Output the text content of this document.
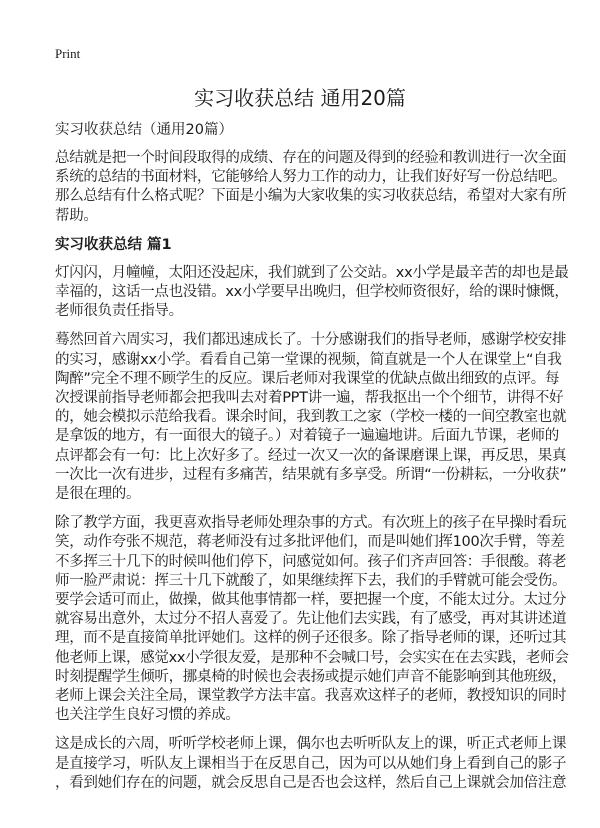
Print
实习收获总结 通用20篇
实习收获总结（通用20篇）
总结就是把一个时间段取得的成绩、存在的问题及得到的经验和教训进行一次全面
系统的总结的书面材料，它能够给人努力工作的动力，让我们好好写一份总结吧。
那么总结有什么格式呢？下面是小编为大家收集的实习收获总结，希望对大家有所
帮助。
实习收获总结 篇1
灯闪闪，月幢幢，太阳还没起床，我们就到了公交站。xx小学是最辛苦的却也是最
幸福的，这话一点也没错。xx小学要早出晚归，但学校师资很好，给的课时慷慨，
老师很负责任指导。
蓦然回首六周实习，我们都迅速成长了。十分感谢我们的指导老师，感谢学校安排
的实习，感谢xx小学。看看自己第一堂课的视频，简直就是一个人在课堂上“自我
陶醉”完全不理不顾学生的反应。课后老师对我课堂的优缺点做出细致的点评。每
次授课前指导老师都会把我叫去对着PPT讲一遍，帮我抠出一个个细节，讲得不好
的，她会模拟示范给我看。课余时间，我到教工之家（学校一楼的一间空教室也就
是拿饭的地方，有一面很大的镜子。）对着镜子一遍遍地讲。后面九节课，老师的
点评都会有一句：比上次好多了。经过一次又一次的备课磨课上课，再反思，果真
一次比一次有进步，过程有多痛苦，结果就有多享受。所谓“一份耕耘，一分收获”
是很在理的。
除了教学方面，我更喜欢指导老师处理杂事的方式。有次班上的孩子在早操时看玩
笑，动作夸张不规范，蒋老师没有过多批评他们，而是叫她们挥100次手臂，等差
不多挥三十几下的时候叫他们停下，问感觉如何。孩子们齐声回答：手很酸。蒋老
师一脸严肃说：挥三十几下就酸了，如果继续挥下去，我们的手臂就可能会受伤。
要学会适可而止，做操，做其他事情都一样，要把握一个度，不能太过分。太过分
就容易出意外，太过分不招人喜爱了。先让他们去实践，有了感受，再对其讲述道
理，而不是直接简单批评她们。这样的例子还很多。除了指导老师的课，还听过其
他老师上课，感觉xx小学很友爱，是那种不会喊口号，会实实在在去实践，老师会
时刻提醒学生倾听，挪桌椅的时候也会表扬或提示她们声音不能影响到其他班级，
老师上课会关注全局，课堂教学方法丰富。我喜欢这样子的老师，教授知识的同时
也关注学生良好习惯的养成。
这是成长的六周，听听学校老师上课，偶尔也去听听队友上的课，听正式老师上课
是直接学习，听队友上课相当于在反思自己，因为可以从她们身上看到自己的影子
，看到她们存在的问题，就会反思自己是否也会这样，然后自己上课就会加倍注意
